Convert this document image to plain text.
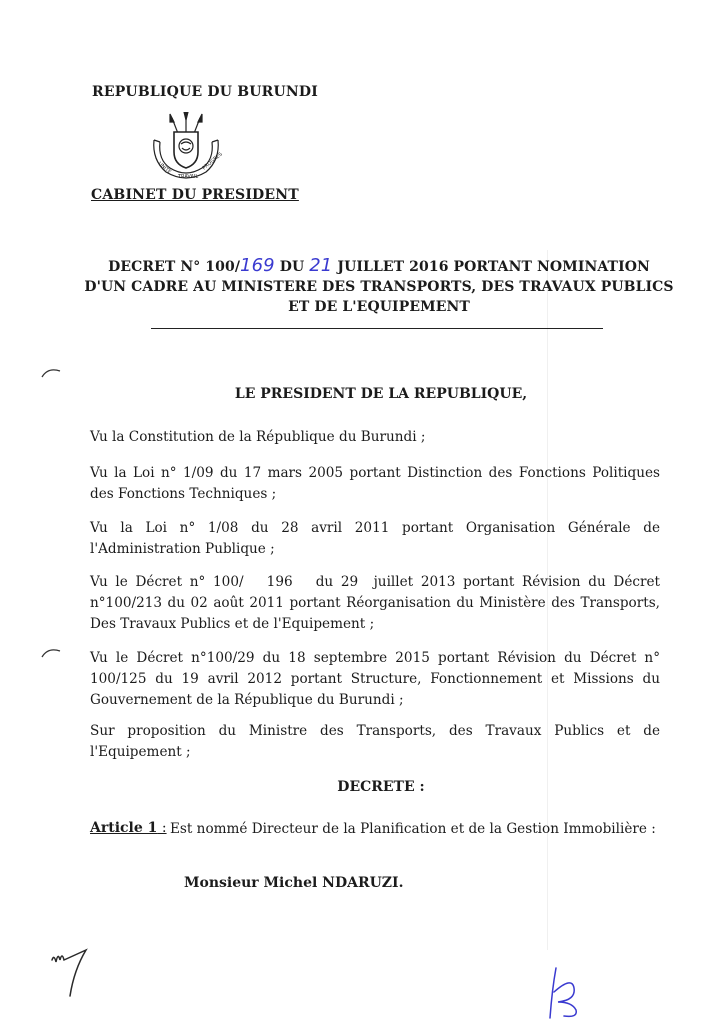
REPUBLIQUE DU BURUNDI
UNITE
TRAVAIL
PROGRES
CABINET DU PRESIDENT
DECRET N° 100/169 DU 21 JUILLET 2016 PORTANT NOMINATION
D'UN CADRE AU MINISTERE DES TRANSPORTS, DES TRAVAUX PUBLICS
ET DE L'EQUIPEMENT
LE PRESIDENT DE LA REPUBLIQUE,
Vu la Constitution de la République du Burundi ;
Vu la Loi n° 1/09 du 17 mars 2005 portant Distinction des Fonctions Politiques des Fonctions Techniques ;
Vu la Loi n° 1/08 du 28 avril 2011 portant Organisation Générale de l'Administration Publique ;
Vu le Décret n° 100/   196   du 29  juillet 2013 portant Révision du Décret n°100/213 du 02 août 2011 portant Réorganisation du Ministère des Transports, Des Travaux Publics et de l'Equipement ;
Vu le Décret n°100/29 du 18 septembre 2015 portant Révision du Décret n° 100/125 du 19 avril 2012 portant Structure, Fonctionnement et Missions du Gouvernement de la République du Burundi ;
Sur proposition du Ministre des Transports, des Travaux Publics et de l'Equipement ;
DECRETE :
Article 1 : Est nommé Directeur de la Planification et de la Gestion Immobilière :
Monsieur Michel NDARUZI.
